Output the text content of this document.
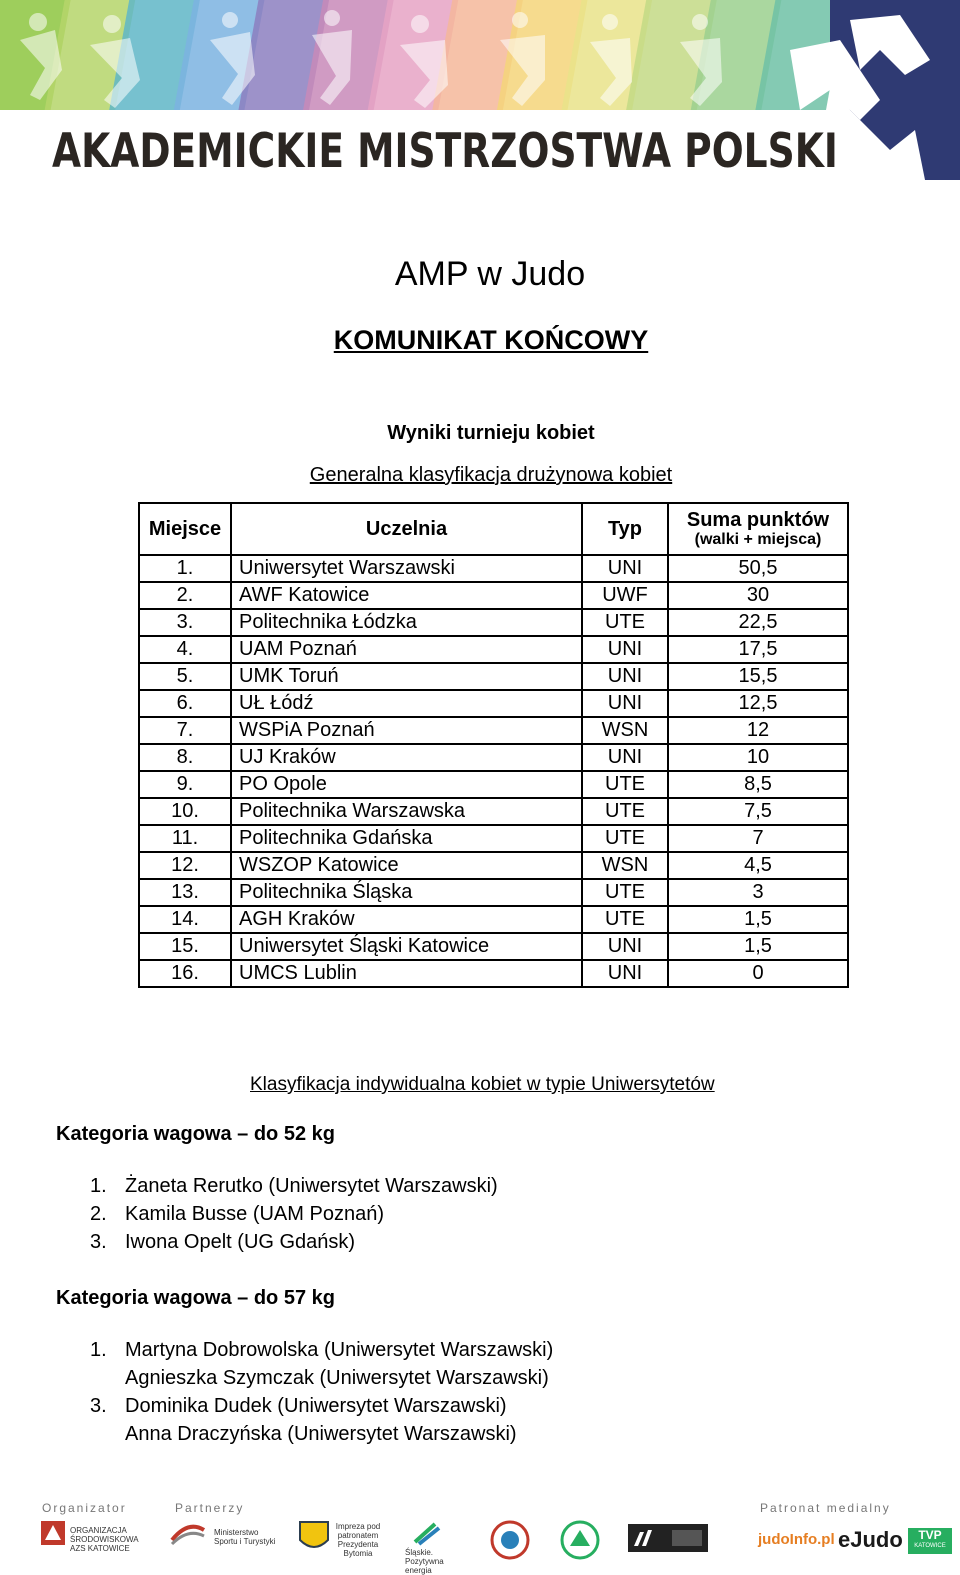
AKADEMICKIE MISTRZOSTWA POLSKI
AMP w Judo
KOMUNIKAT KOŃCOWY
Wyniki turnieju kobiet
Generalna klasyfikacja drużynowa kobiet
Miejsce	Uczelnia	Typ	Suma punktów
(walki + miejsca)

1.	Uniwersytet Warszawski	UNI	50,5
2.	AWF Katowice	UWF	30
3.	Politechnika Łódzka	UTE	22,5
4.	UAM Poznań	UNI	17,5
5.	UMK Toruń	UNI	15,5
6.	UŁ Łódź	UNI	12,5
7.	WSPiA Poznań	WSN	12
8.	UJ Kraków	UNI	10
9.	PO Opole	UTE	8,5
10.	Politechnika Warszawska	UTE	7,5
11.	Politechnika Gdańska	UTE	7
12.	WSZOP Katowice	WSN	4,5
13.	Politechnika Śląska	UTE	3
14.	AGH Kraków	UTE	1,5
15.	Uniwersytet Śląski Katowice	UNI	1,5
16.	UMCS Lublin	UNI	0
Klasyfikacja indywidualna kobiet w typie Uniwersytetów
Kategoria wagowa – do 52 kg
1. Żaneta Rerutko (Uniwersytet Warszawski)
2. Kamila Busse (UAM Poznań)
3. Iwona Opelt (UG Gdańsk)
Kategoria wagowa – do 57 kg
1. Martyna Dobrowolska (Uniwersytet Warszawski)
Agnieszka Szymczak (Uniwersytet Warszawski)
3. Dominika Dudek (Uniwersytet Warszawski)
Anna Draczyńska (Uniwersytet Warszawski)
Organizator	Partnerzy	Patronat medialny
ORGANIZACJA ŚRODOWISKOWA AZS KATOWICE
Ministerstwo Sportu i Turystyki
Impreza pod patronatem Prezydenta Bytomia	Śląskie. Pozytywna energia
judoInfo.pl eJudo	TVP
KATOWICE
